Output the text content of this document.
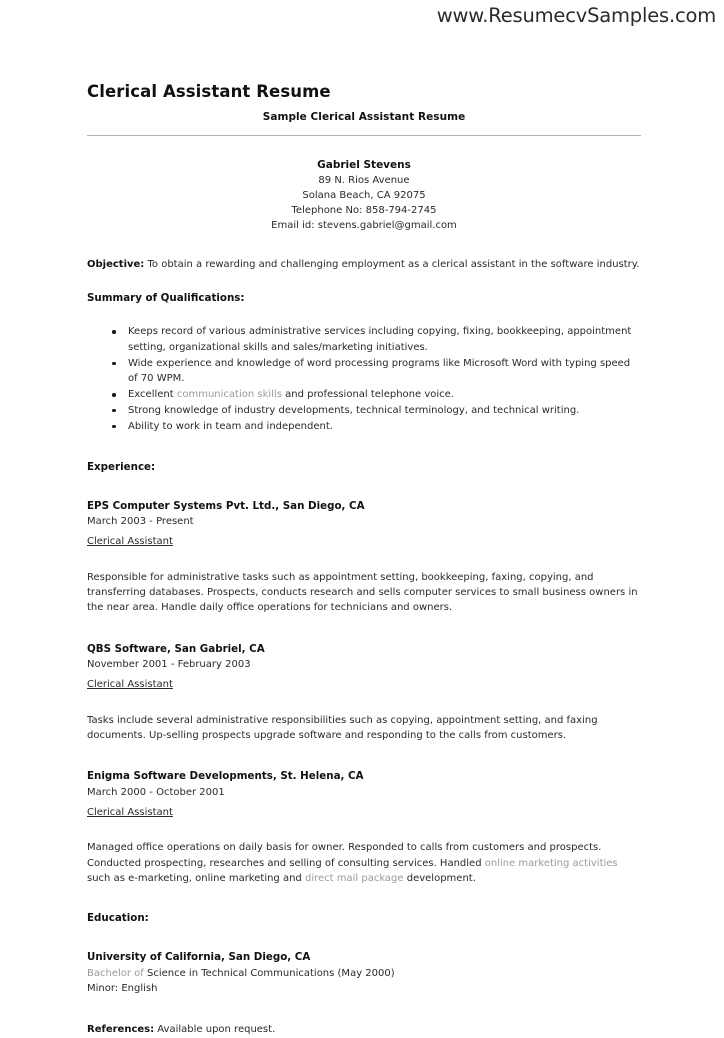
www.ResumecvSamples.com
Clerical Assistant Resume
Sample Clerical Assistant Resume
Gabriel Stevens
89 N. Rios Avenue
Solana Beach, CA 92075
Telephone No: 858-794-2745
Email id: stevens.gabriel@gmail.com

Objective: To obtain a rewarding and challenging employment as a clerical assistant in the software industry.

Summary of Qualifications:
Keeps record of various administrative services including copying, fixing, bookkeeping, appointment setting, organizational skills and sales/marketing initiatives.
Wide experience and knowledge of word processing programs like Microsoft Word with typing speed of 70 WPM.
Excellent communication skills and professional telephone voice.
Strong knowledge of industry developments, technical terminology, and technical writing.
Ability to work in team and independent.
Experience:
EPS Computer Systems Pvt. Ltd., San Diego, CA
March 2003 - Present
Clerical Assistant

Responsible for administrative tasks such as appointment setting, bookkeeping, faxing, copying, and transferring databases. Prospects, conducts research and sells computer services to small business owners in the near area. Handle daily office operations for technicians and owners.

QBS Software, San Gabriel, CA
November 2001 - February 2003
Clerical Assistant

Tasks include several administrative responsibilities such as copying, appointment setting, and faxing documents. Up-selling prospects upgrade software and responding to the calls from customers.

Enigma Software Developments, St. Helena, CA
March 2000 - October 2001
Clerical Assistant

Managed office operations on daily basis for owner. Responded to calls from customers and prospects. Conducted prospecting, researches and selling of consulting services. Handled online marketing activities such as e-marketing, online marketing and direct mail package development.

Education:
University of California, San Diego, CA
Bachelor of Science in Technical Communications (May 2000)
Minor: English

References: Available upon request.
